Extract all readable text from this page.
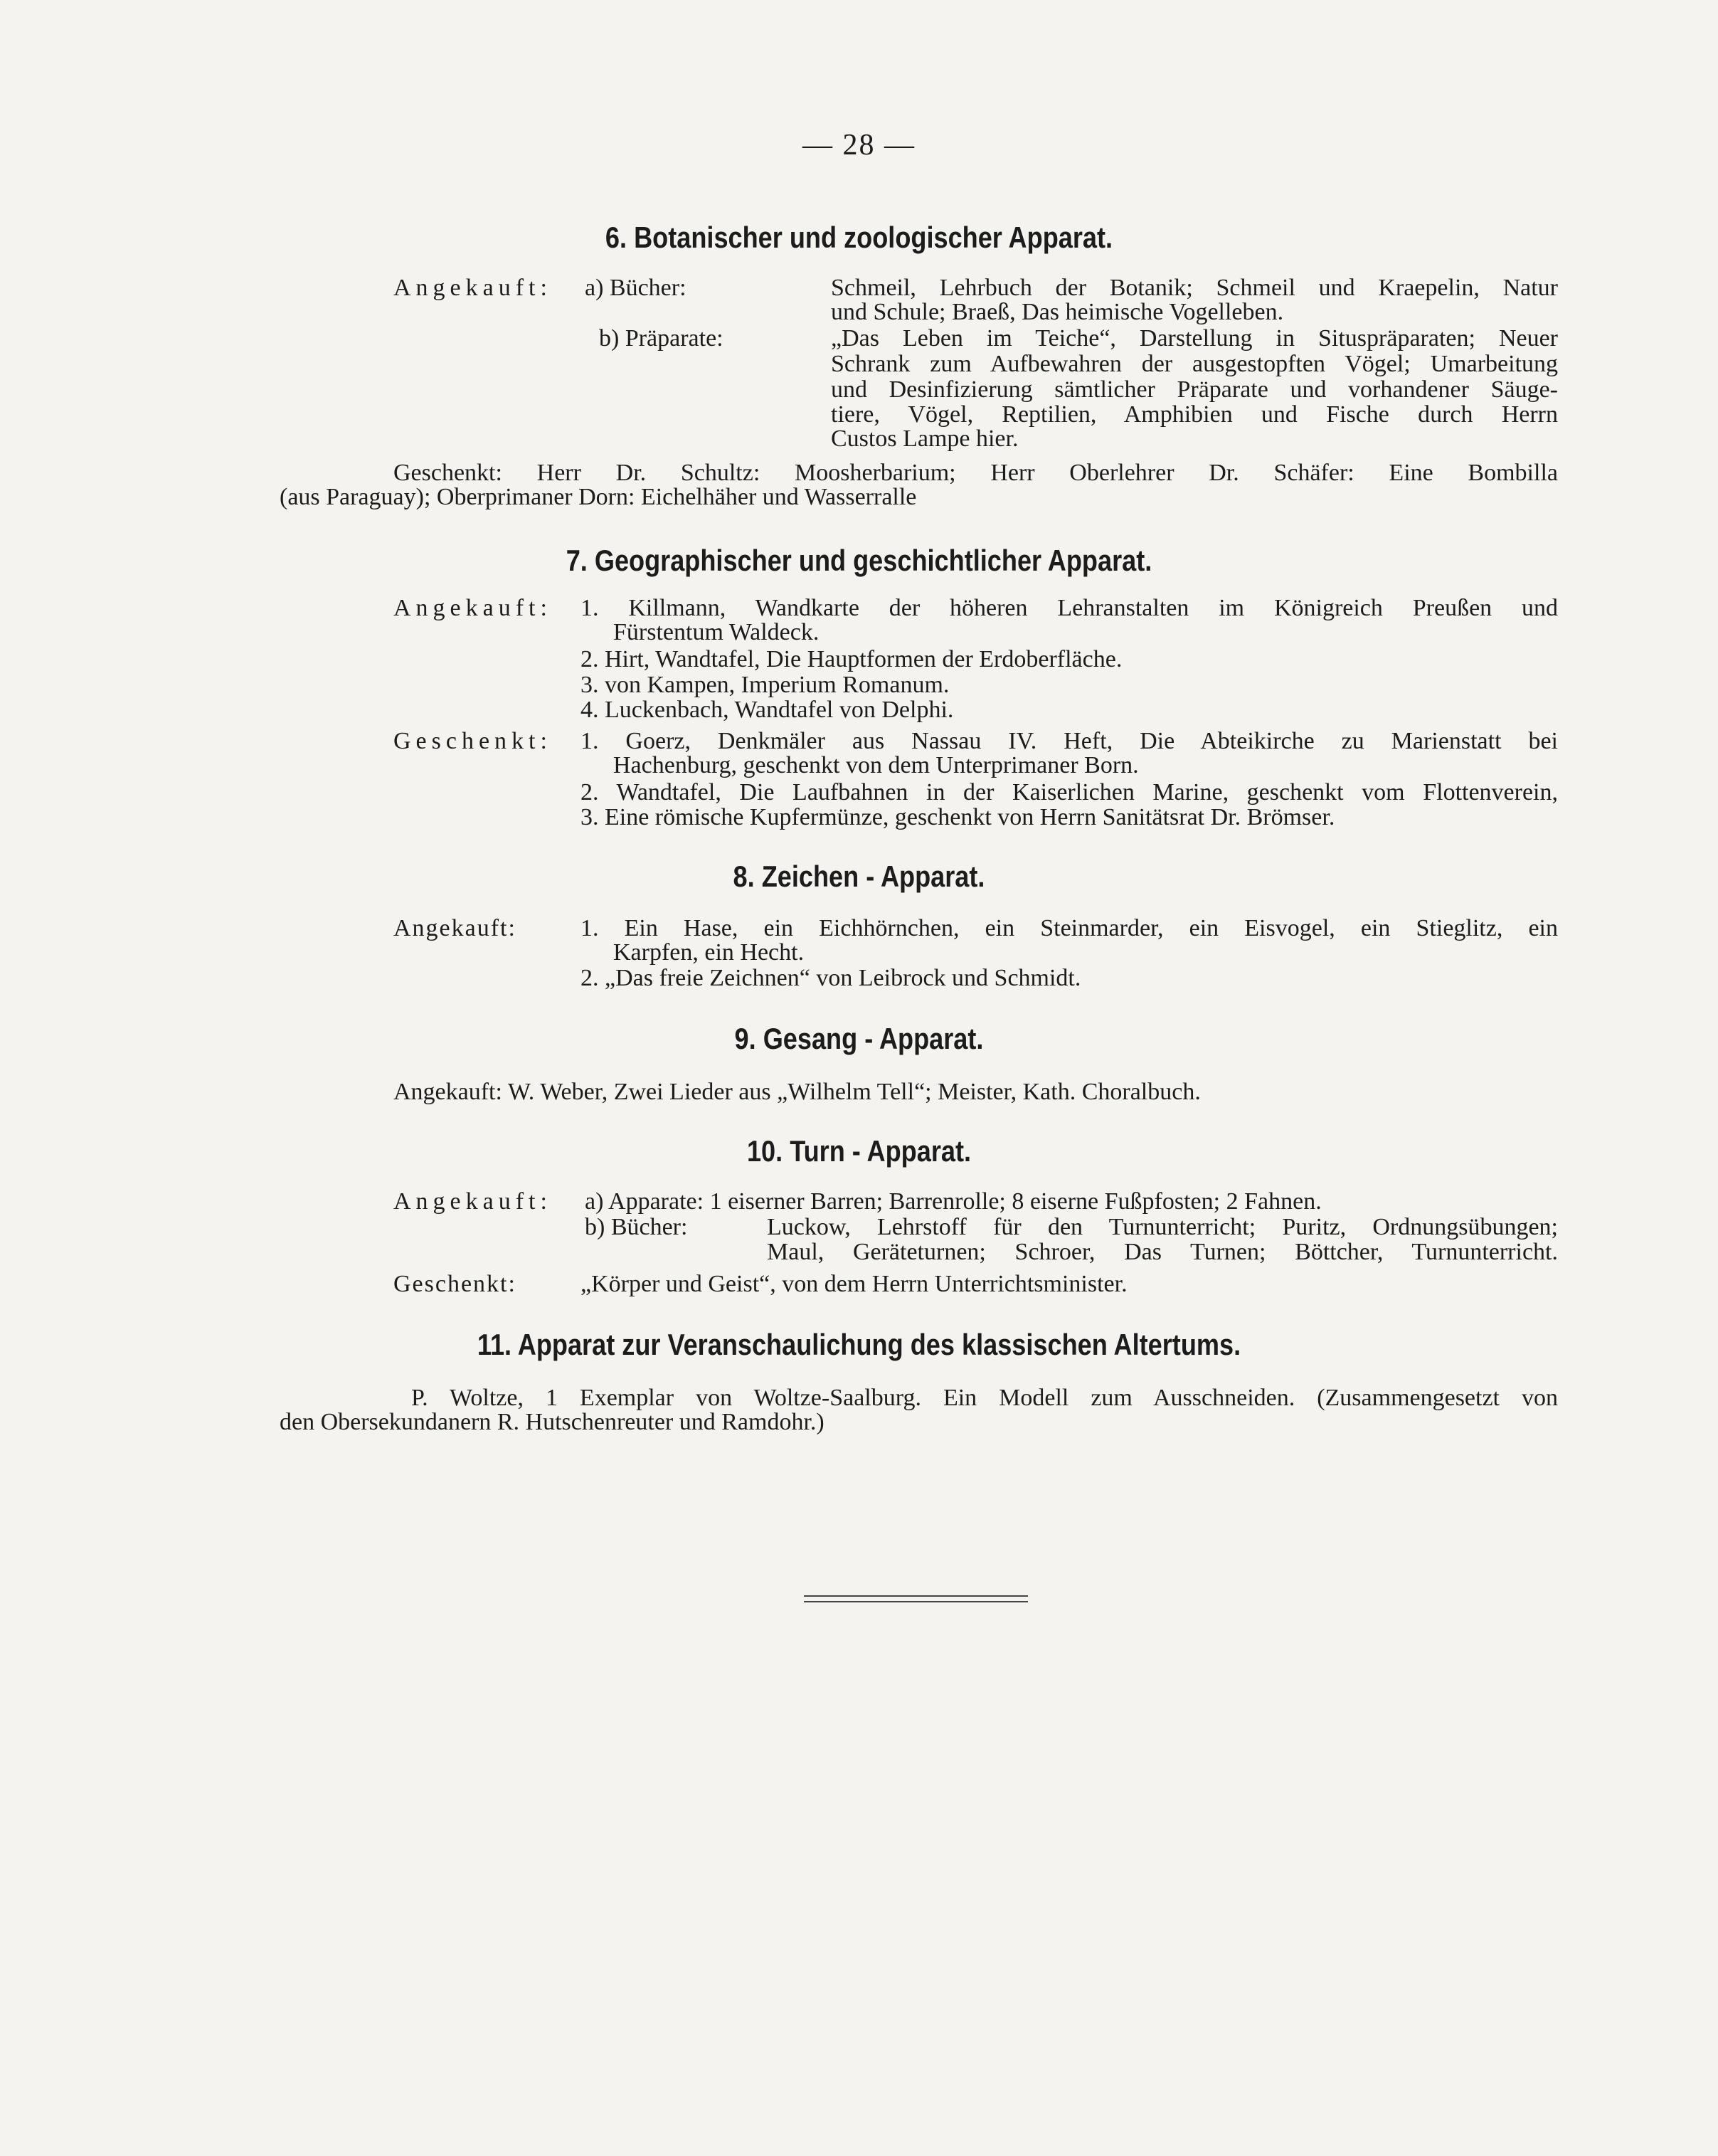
— 28 —
6. Botanischer und zoologischer Apparat.
Angekauft: a) Bücher:	Schmeil, Lehrbuch der Botanik; Schmeil und Kraepelin, Natur
und Schule; Braeß, Das heimische Vogelleben.
b) Präparate:	„Das Leben im Teiche“, Darstellung in Situspräparaten; Neuer
Schrank zum Aufbewahren der ausgestopften Vögel; Umarbeitung
und Desinfizierung sämtlicher Präparate und vorhandener Säuge-
tiere, Vögel, Reptilien, Amphibien und Fische durch Herrn
Custos Lampe hier.
Geschenkt: Herr Dr. Schultz: Moosherbarium; Herr Oberlehrer Dr. Schäfer: Eine Bombilla
(aus Paraguay); Oberprimaner Dorn: Eichelhäher und Wasserralle
7. Geographischer und geschichtlicher Apparat.
Angekauft: 1. Killmann, Wandkarte der höheren Lehranstalten im Königreich Preußen und
Fürstentum Waldeck.
2. Hirt, Wandtafel, Die Hauptformen der Erdoberfläche.
3. von Kampen, Imperium Romanum.
4. Luckenbach, Wandtafel von Delphi.
Geschenkt: 1. Goerz, Denkmäler aus Nassau IV. Heft, Die Abteikirche zu Marienstatt bei
Hachenburg, geschenkt von dem Unterprimaner Born.
2. Wandtafel, Die Laufbahnen in der Kaiserlichen Marine, geschenkt vom Flottenverein,
3. Eine römische Kupfermünze, geschenkt von Herrn Sanitätsrat Dr. Brömser.
8. Zeichen - Apparat.
Angekauft:	1. Ein Hase, ein Eichhörnchen, ein Steinmarder, ein Eisvogel, ein Stieglitz, ein
Karpfen, ein Hecht.
2. „Das freie Zeichnen“ von Leibrock und Schmidt.
9. Gesang - Apparat.
Angekauft: W. Weber, Zwei Lieder aus „Wilhelm Tell“; Meister, Kath. Choralbuch.
10. Turn - Apparat.
Angekauft: a) Apparate: 1 eiserner Barren; Barrenrolle; 8 eiserne Fußpfosten; 2 Fahnen.
b) Bücher:	Luckow, Lehrstoff für den Turnunterricht; Puritz, Ordnungsübungen;
Maul, Geräteturnen; Schroer, Das Turnen; Böttcher, Turnunterricht.
Geschenkt:	„Körper und Geist“, von dem Herrn Unterrichtsminister.
11. Apparat zur Veranschaulichung des klassischen Altertums.
P. Woltze, 1 Exemplar von Woltze-Saalburg. Ein Modell zum Ausschneiden. (Zusammengesetzt von
den Obersekundanern R. Hutschenreuter und Ramdohr.)
